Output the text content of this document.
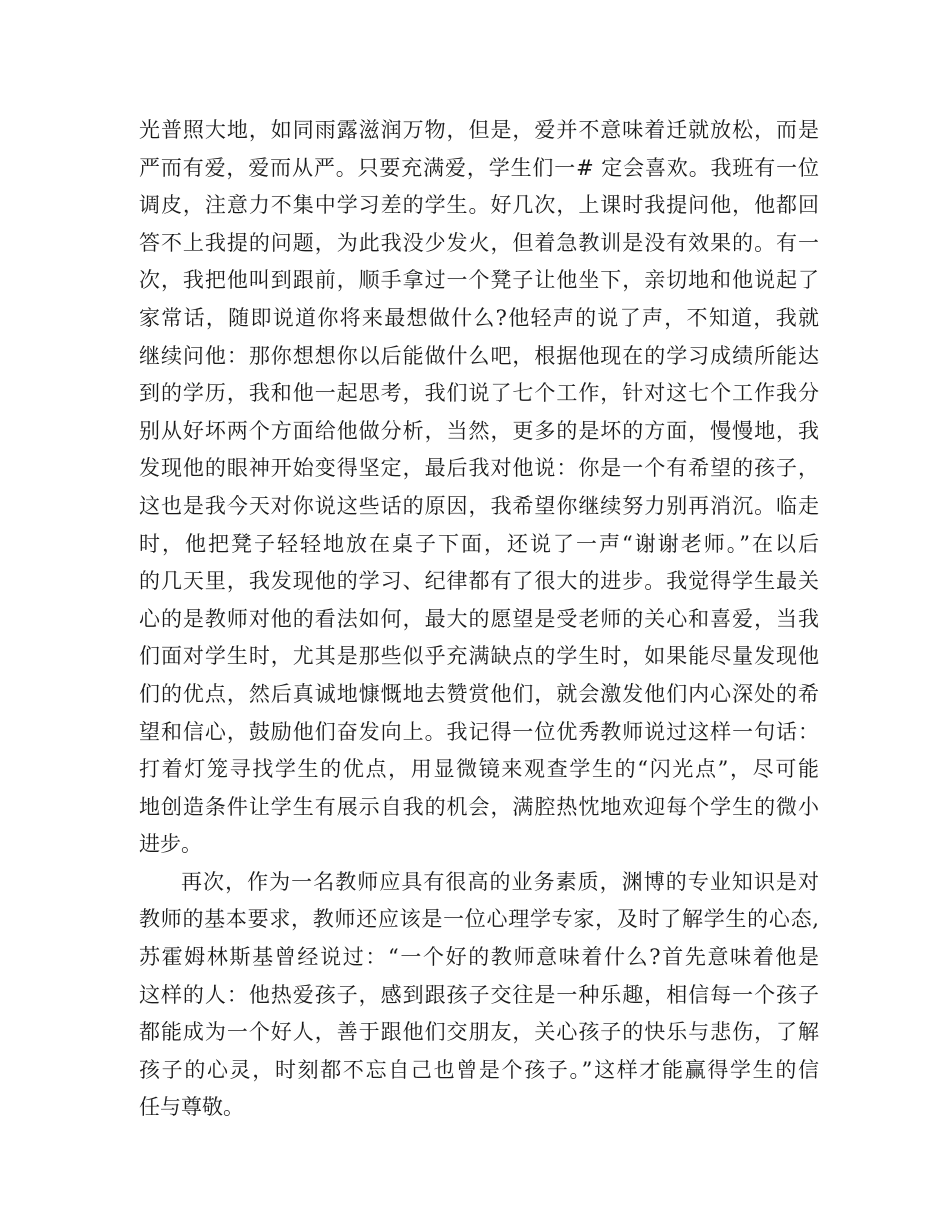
光普照大地，如同雨露滋润万物，但是，爱并不意味着迁就放松，而是
严而有爱，爱而从严。只要充满爱，学生们一# 定会喜欢。我班有一位
调皮，注意力不集中学习差的学生。好几次，上课时我提问他，他都回
答不上我提的问题，为此我没少发火，但着急教训是没有效果的。有一
次，我把他叫到跟前，顺手拿过一个凳子让他坐下，亲切地和他说起了
家常话，随即说道你将来最想做什么?他轻声的说了声，不知道，我就
继续问他：那你想想你以后能做什么吧，根据他现在的学习成绩所能达
到的学历，我和他一起思考，我们说了七个工作，针对这七个工作我分
别从好坏两个方面给他做分析，当然，更多的是坏的方面，慢慢地，我
发现他的眼神开始变得坚定，最后我对他说：你是一个有希望的孩子，
这也是我今天对你说这些话的原因，我希望你继续努力别再消沉。临走
时，他把凳子轻轻地放在桌子下面，还说了一声“谢谢老师。”在以后
的几天里，我发现他的学习、纪律都有了很大的进步。我觉得学生最关
心的是教师对他的看法如何，最大的愿望是受老师的关心和喜爱，当我
们面对学生时，尤其是那些似乎充满缺点的学生时，如果能尽量发现他
们的优点，然后真诚地慷慨地去赞赏他们，就会激发他们内心深处的希
望和信心，鼓励他们奋发向上。我记得一位优秀教师说过这样一句话：
打着灯笼寻找学生的优点，用显微镜来观查学生的“闪光点”，尽可能
地创造条件让学生有展示自我的机会，满腔热忱地欢迎每个学生的微小
进步。
再次，作为一名教师应具有很高的业务素质，渊博的专业知识是对
教师的基本要求，教师还应该是一位心理学专家，及时了解学生的心态,
苏霍姆林斯基曾经说过：“一个好的教师意味着什么?首先意味着他是
这样的人：他热爱孩子，感到跟孩子交往是一种乐趣，相信每一个孩子
都能成为一个好人，善于跟他们交朋友，关心孩子的快乐与悲伤，了解
孩子的心灵，时刻都不忘自己也曾是个孩子。”这样才能赢得学生的信
任与尊敬。
